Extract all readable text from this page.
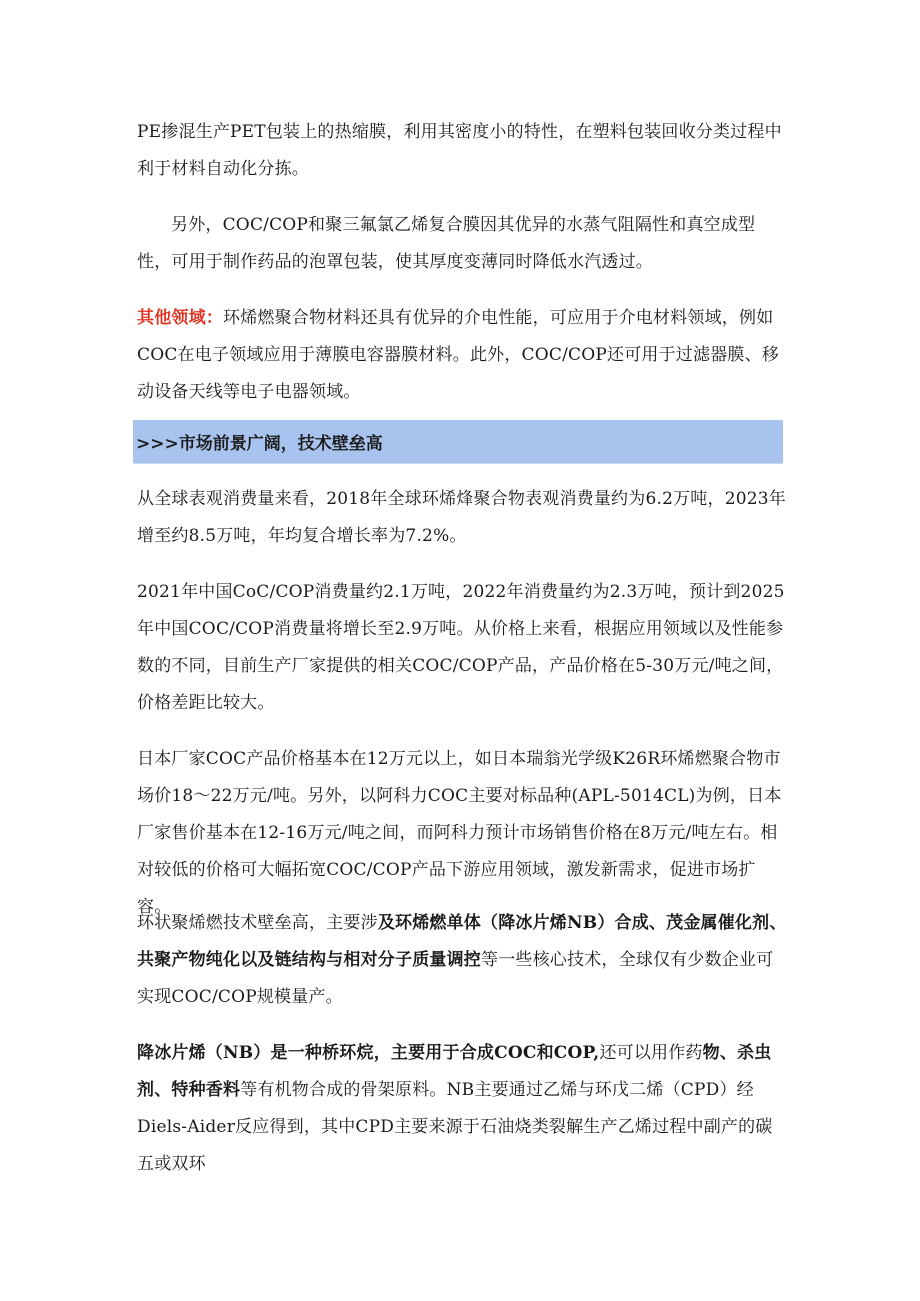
PE掺混生产PET包装上的热缩膜，利用其密度小的特性，在塑料包装回收分类过程中利于材料自动化分拣。

另外，COC/COP和聚三氟氯乙烯复合膜因其优异的水蒸气阻隔性和真空成型性，可用于制作药品的泡罩包装，使其厚度变薄同时降低水汽透过。

其他领域：环烯燃聚合物材料还具有优异的介电性能，可应用于介电材料领域，例如COC在电子领域应用于薄膜电容器膜材料。此外，COC/COP还可用于过滤器膜、移动设备天线等电子电器领域。

>>>市场前景广阔，技术壁垒高

从全球表观消费量来看，2018年全球环烯烽聚合物表观消费量约为6.2万吨，2023年增至约8.5万吨，年均复合增长率为7.2%。

2021年中国CoC/COP消费量约2.1万吨，2022年消费量约为2.3万吨，预计到2025年中国COC/COP消费量将增长至2.9万吨。从价格上来看，根据应用领域以及性能参数的不同，目前生产厂家提供的相关COC/COP产品，产品价格在5-30万元/吨之间，价格差距比较大。

日本厂家COC产品价格基本在12万元以上，如日本瑞翁光学级K26R环烯燃聚合物市场价18～22万元/吨。另外，以阿科力COC主要对标品种(APL-5014CL)为例，日本厂家售价基本在12-16万元/吨之间，而阿科力预计市场销售价格在8万元/吨左右。相对较低的价格可大幅拓宽COC/COP产品下游应用领域，激发新需求，促进市场扩容。

环状聚烯燃技术壁垒高，主要涉及环烯燃单体（降冰片烯NB）合成、茂金属催化剂、共聚产物纯化以及链结构与相对分子质量调控等一些核心技术，全球仅有少数企业可实现COC/COP规模量产。

降冰片烯（NB）是一种桥环烷，主要用于合成COC和COP,还可以用作药物、杀虫剂、特种香料等有机物合成的骨架原料。NB主要通过乙烯与环戊二烯（CPD）经Diels-Aider反应得到，其中CPD主要来源于石油烧类裂解生产乙烯过程中副产的碳五或双环
